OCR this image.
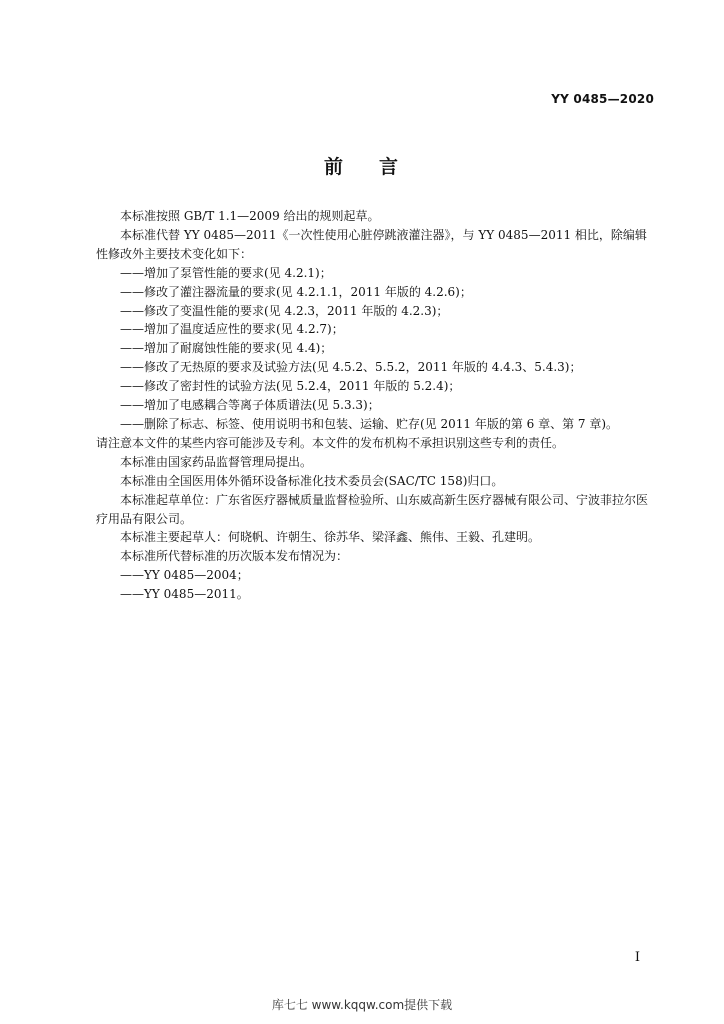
YY 0485—2020
前 言

本标准按照 GB/T 1.1—2009 给出的规则起草。

本标准代替 YY 0485—2011《一次性使用心脏停跳液灌注器》，与 YY 0485—2011 相比，除编辑性修改外主要技术变化如下：

——增加了泵管性能的要求(见 4.2.1)；

——修改了灌注器流量的要求(见 4.2.1.1，2011 年版的 4.2.6)；

——修改了变温性能的要求(见 4.2.3，2011 年版的 4.2.3)；

——增加了温度适应性的要求(见 4.2.7)；

——增加了耐腐蚀性能的要求(见 4.4)；

——修改了无热原的要求及试验方法(见 4.5.2、5.5.2，2011 年版的 4.4.3、5.4.3)；

——修改了密封性的试验方法(见 5.2.4，2011 年版的 5.2.4)；

——增加了电感耦合等离子体质谱法(见 5.3.3)；

——删除了标志、标签、使用说明书和包装、运输、贮存(见 2011 年版的第 6 章、第 7 章)。

请注意本文件的某些内容可能涉及专利。本文件的发布机构不承担识别这些专利的责任。

本标准由国家药品监督管理局提出。

本标准由全国医用体外循环设备标准化技术委员会(SAC/TC 158)归口。

本标准起草单位：广东省医疗器械质量监督检验所、山东威高新生医疗器械有限公司、宁波菲拉尔医疗用品有限公司。

本标准主要起草人：何晓帆、许朝生、徐苏华、梁泽鑫、熊伟、王毅、孔建明。

本标准所代替标准的历次版本发布情况为：

——YY 0485—2004；

——YY 0485—2011。

I
库七七 www.kqqw.com提供下载
